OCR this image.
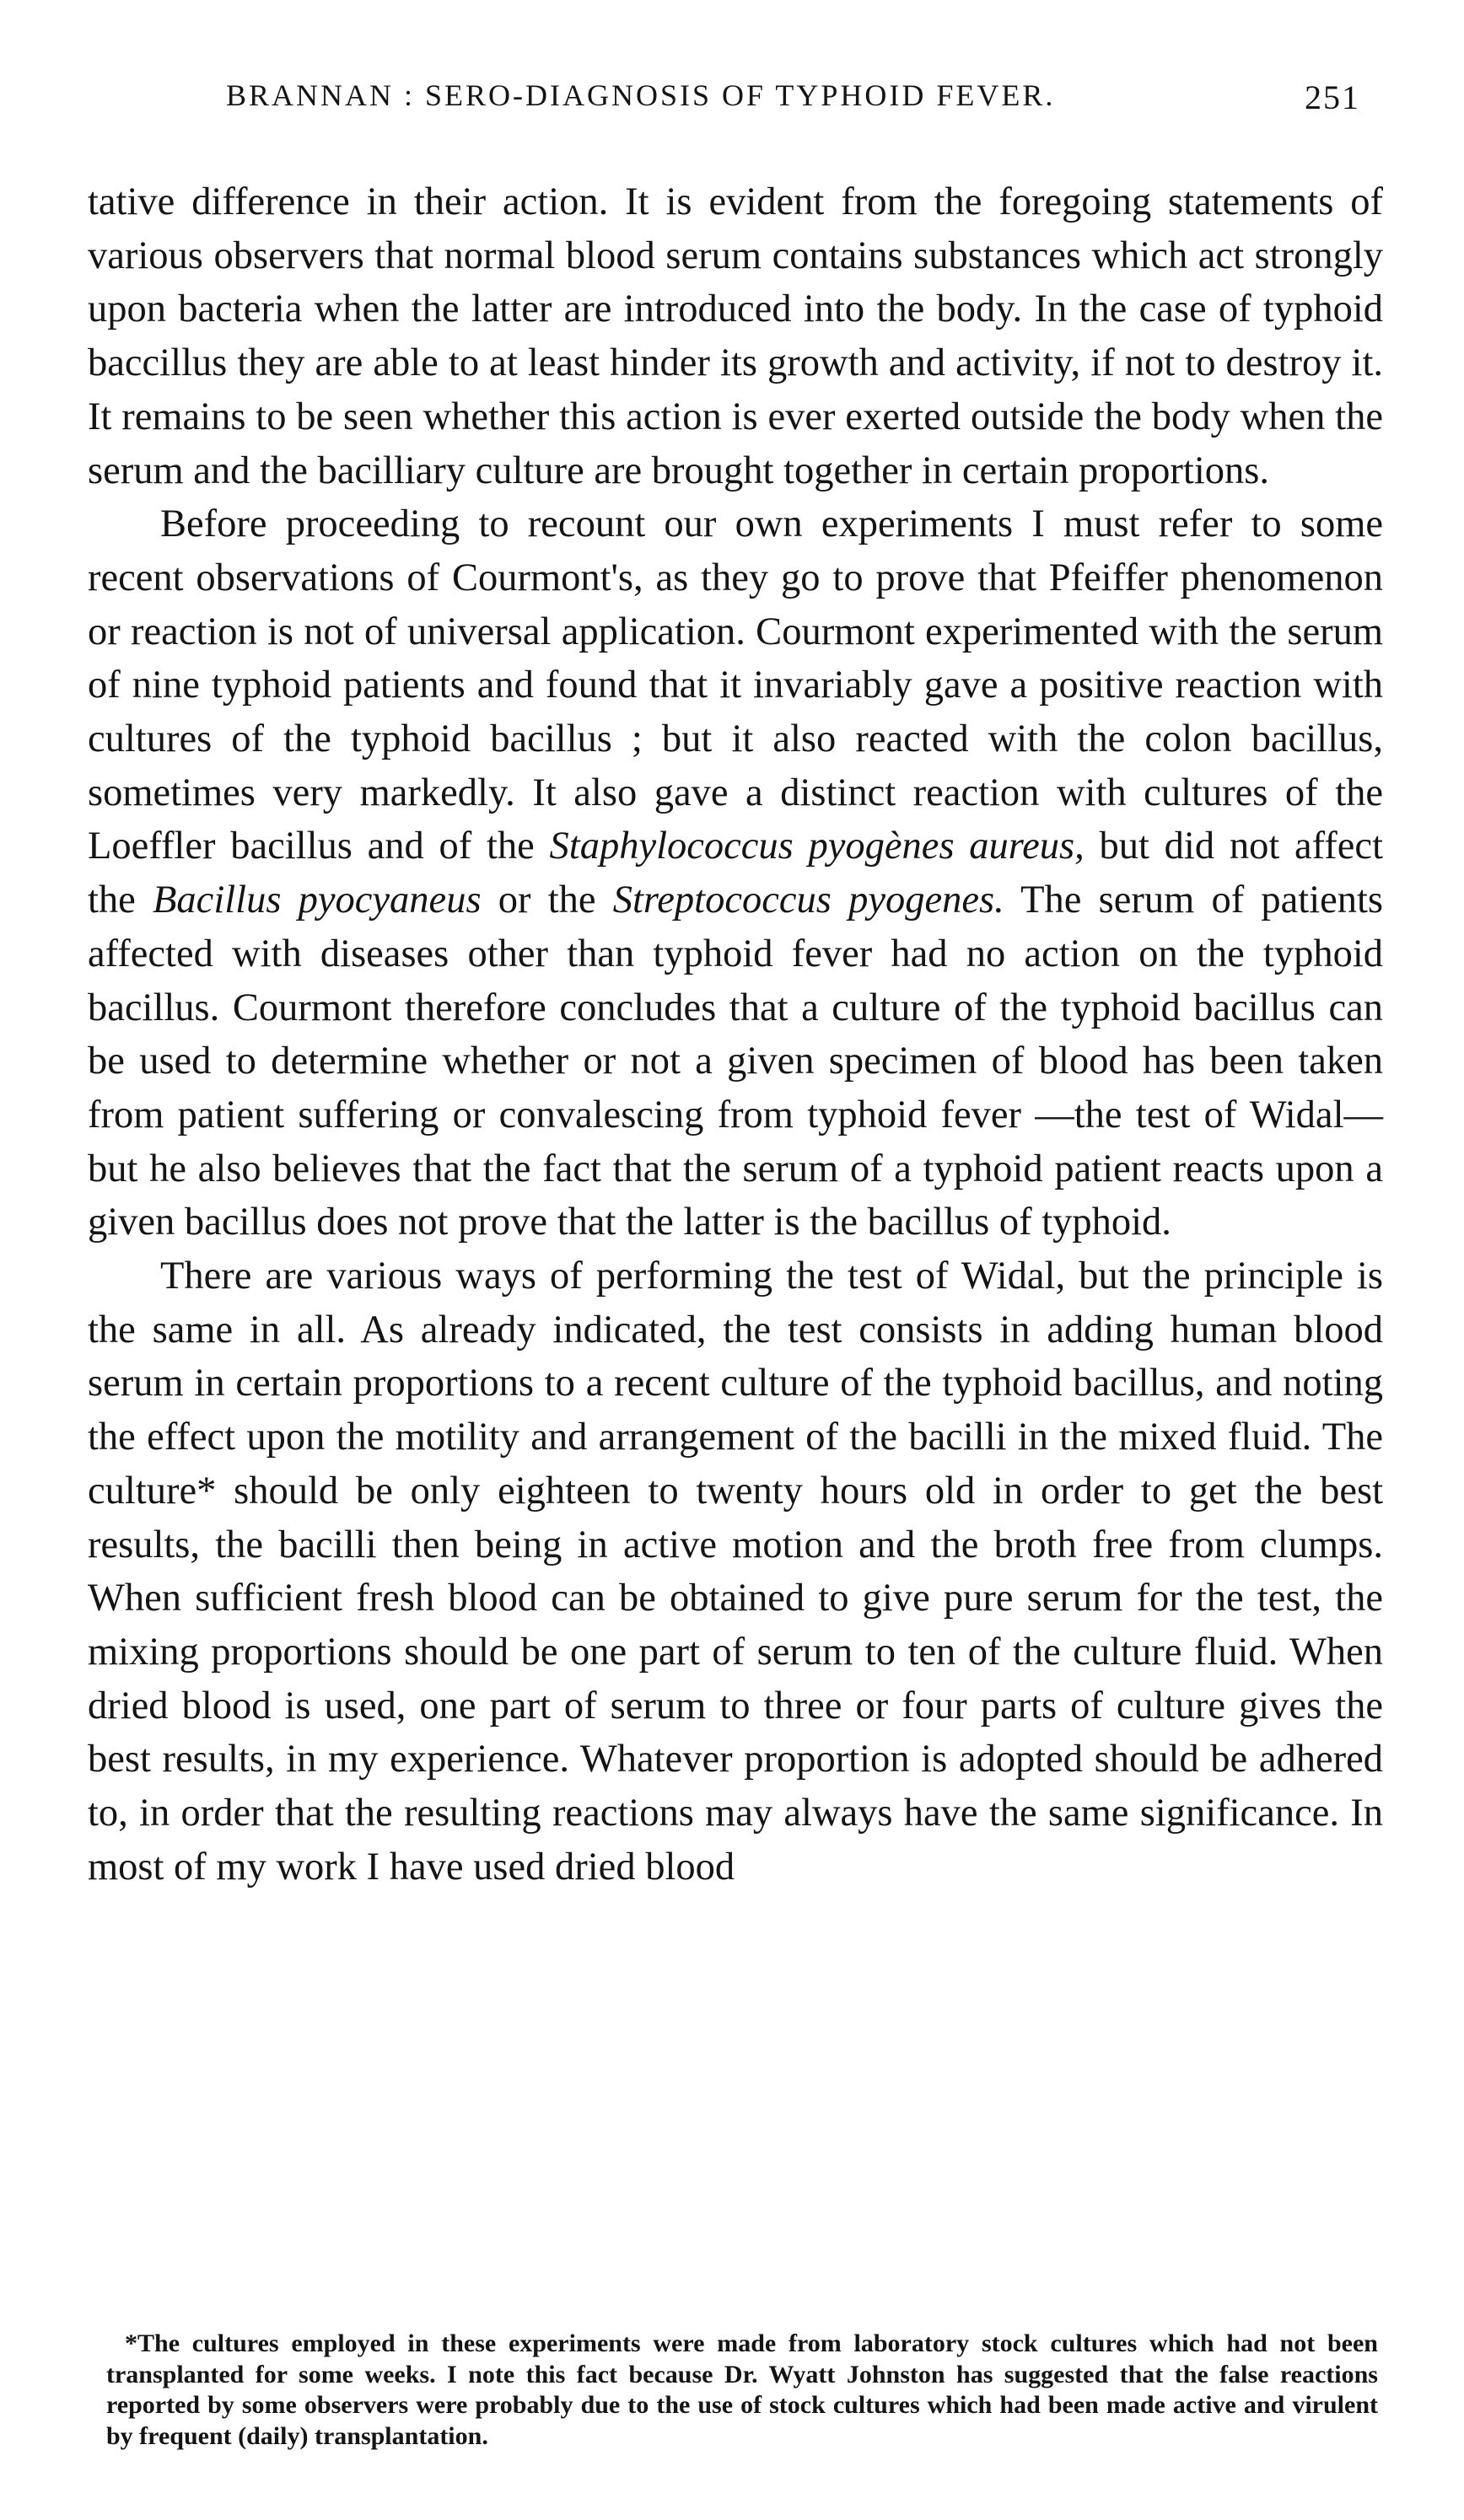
BRANNAN : SERO-DIAGNOSIS OF TYPHOID FEVER.	251

tative difference in their action. It is evident from the foregoing statements of various observers that normal blood serum contains substances which act strongly upon bacteria when the latter are introduced into the body. In the case of typhoid baccillus they are able to at least hinder its growth and activity, if not to destroy it. It remains to be seen whether this action is ever exerted outside the body when the serum and the bacilliary culture are brought together in certain proportions.

Before proceeding to recount our own experiments I must refer to some recent observations of Courmont's, as they go to prove that Pfeiffer phenomenon or reaction is not of universal application. Courmont experimented with the serum of nine typhoid patients and found that it invariably gave a positive reaction with cultures of the typhoid bacillus ; but it also reacted with the colon bacillus, sometimes very markedly. It also gave a distinct reaction with cultures of the Loeffler bacillus and of the Staphylococcus pyogènes aureus, but did not affect the Bacillus pyocyaneus or the Streptococcus pyogenes. The serum of patients affected with diseases other than typhoid fever had no action on the typhoid bacillus. Courmont therefore concludes that a culture of the typhoid bacillus can be used to determine whether or not a given specimen of blood has been taken from patient suffering or convalescing from typhoid fever —the test of Widal—but he also believes that the fact that the serum of a typhoid patient reacts upon a given bacillus does not prove that the latter is the bacillus of typhoid.

There are various ways of performing the test of Widal, but the principle is the same in all. As already indicated, the test consists in adding human blood serum in certain proportions to a recent culture of the typhoid bacillus, and noting the effect upon the motility and arrangement of the bacilli in the mixed fluid. The culture* should be only eighteen to twenty hours old in order to get the best results, the bacilli then being in active motion and the broth free from clumps. When sufficient fresh blood can be obtained to give pure serum for the test, the mixing proportions should be one part of serum to ten of the culture fluid. When dried blood is used, one part of serum to three or four parts of culture gives the best results, in my experience. Whatever proportion is adopted should be adhered to, in order that the resulting reactions may always have the same significance. In most of my work I have used dried blood

*The cultures employed in these experiments were made from laboratory stock cultures which had not been transplanted for some weeks. I note this fact because Dr. Wyatt Johnston has suggested that the false reactions reported by some observers were probably due to the use of stock cultures which had been made active and virulent by frequent (daily) transplantation.
